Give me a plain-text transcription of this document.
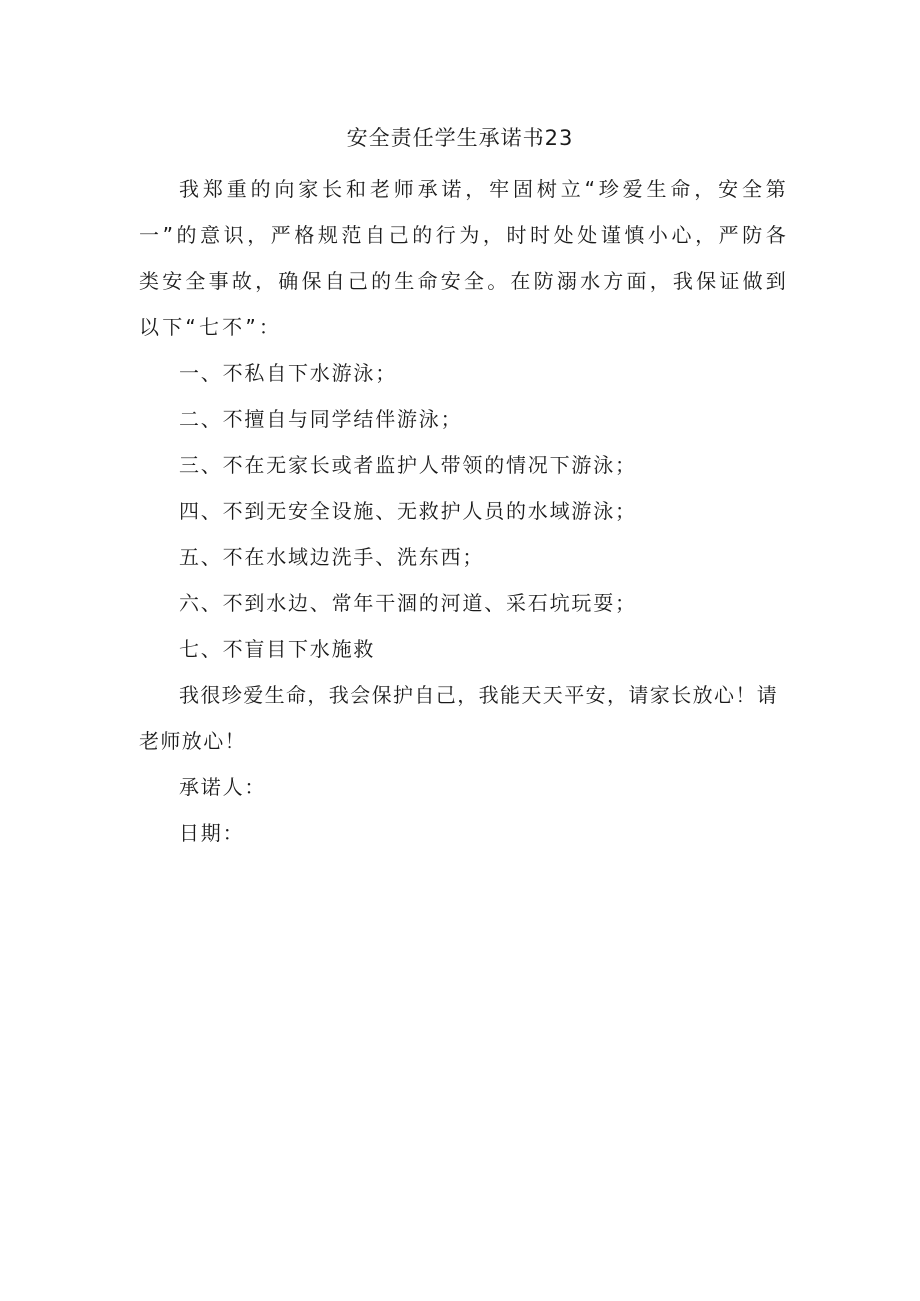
安全责任学生承诺书23

我郑重的向家长和老师承诺，牢固树立“珍爱生命，安全第一”的意识，严格规范自己的行为，时时处处谨慎小心，严防各类安全事故，确保自己的生命安全。在防溺水方面，我保证做到以下“七不”：

一、不私自下水游泳；

二、不擅自与同学结伴游泳；

三、不在无家长或者监护人带领的情况下游泳；

四、不到无安全设施、无救护人员的水域游泳；

五、不在水域边洗手、洗东西；

六、不到水边、常年干涸的河道、采石坑玩耍；

七、不盲目下水施救

我很珍爱生命，我会保护自己，我能天天平安，请家长放心！请老师放心！

承诺人：

日期：
